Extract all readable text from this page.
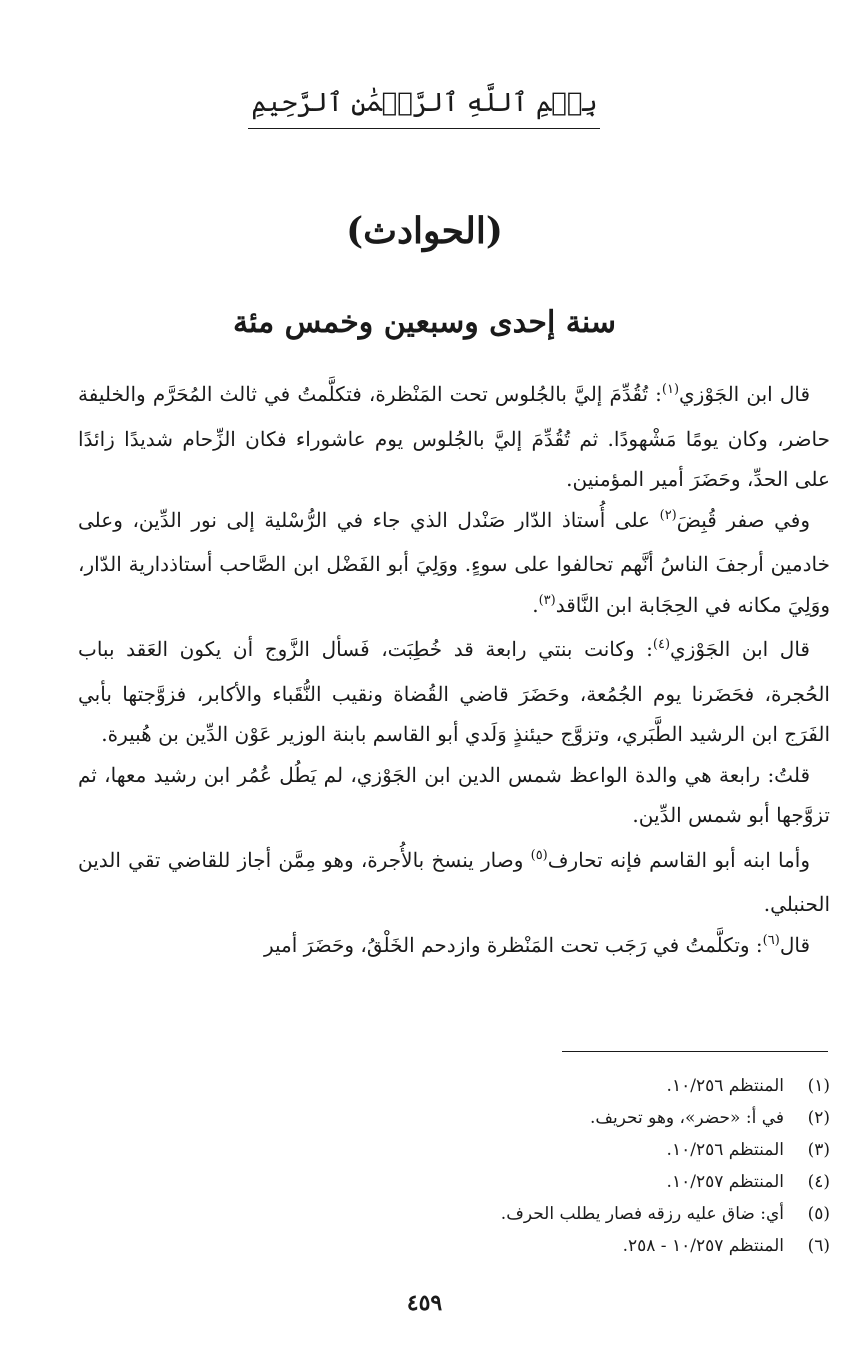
بِسۡمِ ٱللَّهِ ٱلرَّحۡمَٰنِ ٱلرَّحِيمِ
(الحوادث)
سنة إحدى وسبعين وخمس مئة

قال ابن الجَوْزي$^{(١)}$: تُقُدِّمَ إليَّ بالجُلوس تحت المَنْظرة، فتكلَّمتُ في ثالث المُحَرَّم والخليفة حاضر، وكان يومًا مَشْهودًا. ثم تُقُدِّمَ إليَّ بالجُلوس يوم عاشوراء فكان الزِّحام شديدًا زائدًا على الحدِّ، وحَضَرَ أمير المؤمنين.

وفي صفر قُبِضَ$^{(٢)}$ على أُستاذ الدّار صَنْدل الذي جاء في الرُّسْلية إلى نور الدِّين، وعلى خادمين أرجفَ الناسُ أنَّهم تحالفوا على سوءٍ. ووَلِيَ أبو الفَضْل ابن الصَّاحب أستاذدارية الدّار، ووَلِيَ مكانه في الحِجَابة ابن النَّاقد$^{(٣)}$.

قال ابن الجَوْزي$^{(٤)}$: وكانت بنتي رابعة قد خُطِبَت، فَسأل الزَّوج أن يكون العَقد بباب الحُجرة، فحَضَرنا يوم الجُمُعة، وحَضَرَ قاضي القُضاة ونقيب النُّقَباء والأكابر، فزوَّجتها بأبي الفَرَج ابن الرشيد الطَّبَري، وتزوَّج حيئنذٍ وَلَدي أبو القاسم بابنة الوزير عَوْن الدِّين بن هُبيرة.

قلتُ: رابعة هي والدة الواعظ شمس الدين ابن الجَوْزي، لم يَطُل عُمُر ابن رشيد معها، ثم تزوَّجها أبو شمس الدِّين.

وأما ابنه أبو القاسم فإنه تحارف$^{(٥)}$ وصار ينسخ بالأُجرة، وهو مِمَّن أجاز للقاضي تقي الدين الحنبلي.

قال$^{(٦)}$: وتكلَّمتُ في رَجَب تحت المَنْظرة وازدحم الخَلْقُ، وحَضَرَ أمير

(١)
المنتظم ١٠/٢٥٦.
(٢)
في أ: «حضر»، وهو تحريف.
(٣)
المنتظم ١٠/٢٥٦.
(٤)
المنتظم ١٠/٢٥٧.
(٥)
أي: ضاق عليه رزقه فصار يطلب الحرف.
(٦)
المنتظم ١٠/٢٥٧ - ٢٥٨.
٤٥٩
